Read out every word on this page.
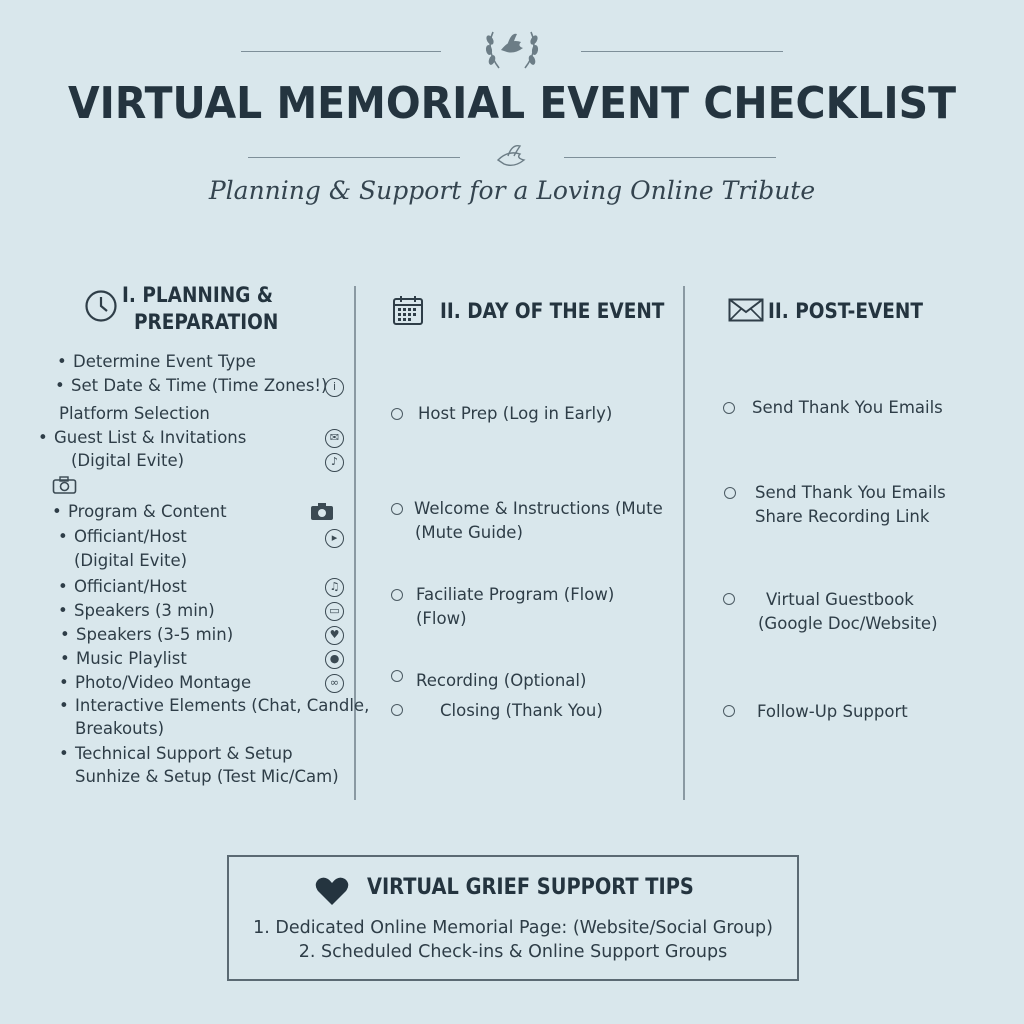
VIRTUAL MEMORIAL EVENT CHECKLIST
Planning & Support for a Loving Online Tribute
I. PLANNING &
PREPARATION
• Determine Event Type
• Set Date & Time (Time Zones!) i
Platform Selection
• Guest List & Invitations	✉
(Digital Evite)	♪
• Program & Content
• Officiant/Host	▸
(Digital Evite)
• Officiant/Host	♫
• Speakers (3 min)	▭
• Speakers (3-5 min)	♥
• Music Playlist	●
• Photo/Video Montage	∞
• Interactive Elements (Chat, Candle,
Breakouts)
• Technical Support & Setup
Sunhize & Setup (Test Mic/Cam)
II. DAY OF THE EVENT
Host Prep (Log in Early)
Welcome & Instructions (Mute
(Mute Guide)
Faciliate Program (Flow)
(Flow)
Recording (Optional)
Closing (Thank You)
II. POST-EVENT
Send Thank You Emails
Send Thank You Emails
Share Recording Link
Virtual Guestbook
(Google Doc/Website)
Follow-Up Support
VIRTUAL GRIEF SUPPORT TIPS
1. Dedicated Online Memorial Page: (Website/Social Group)
2. Scheduled Check-ins & Online Support Groups
